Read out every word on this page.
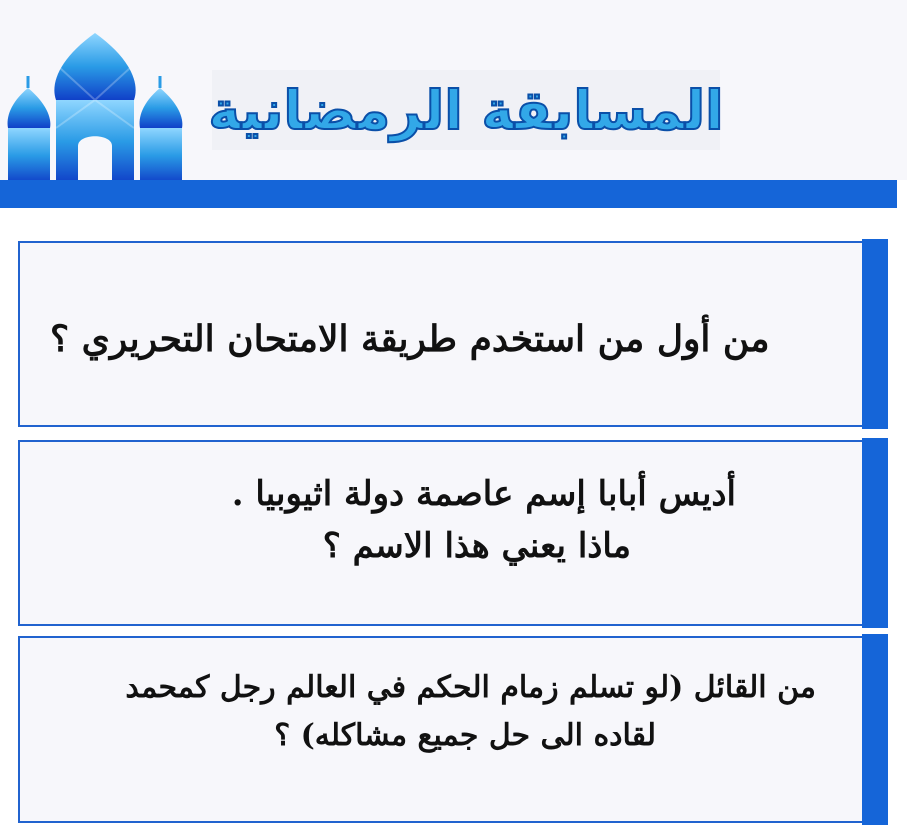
المسابقة الرمضانية
من أول من استخدم طريقة الامتحان التحريري ؟
أديس أبابا إسم عاصمة دولة اثيوبيا .
ماذا يعني هذا الاسم ؟
من القائل (لو تسلم زمام الحكم في العالم رجل كمحمد
لقاده الى حل جميع مشاكله) ؟
